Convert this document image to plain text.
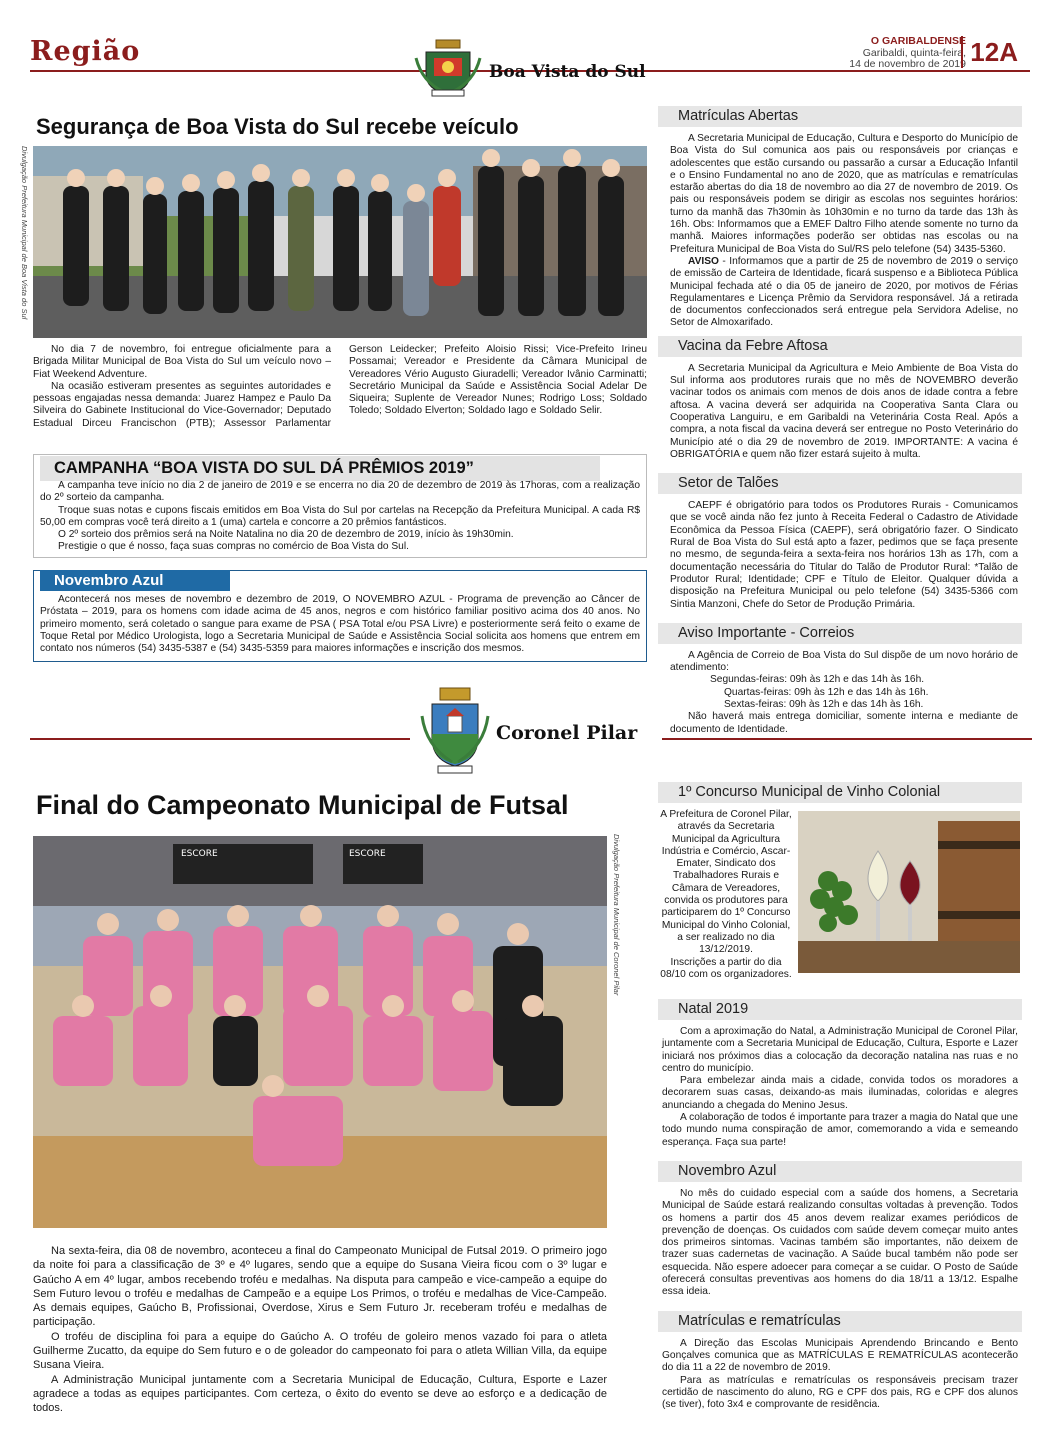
Região
Boa Vista do Sul
O GARIBALDENSE
Garibaldi, quinta-feira,
14 de novembro de 2019 12A
Segurança de Boa Vista do Sul recebe veículo
Divulgação Prefeitura Municipal de Boa Vista do Sul

No dia 7 de novembro, foi entregue oficialmente para a Brigada Militar Municipal de Boa Vista do Sul um veículo novo – Fiat Weekend Adventure.

Na ocasião estiveram presentes as seguintes autoridades e pessoas engajadas nessa demanda: Juarez Hampez e Paulo Da Silveira do Gabinete Institucional do Vice-Governador; Deputado Estadual Dirceu Francischon (PTB); Assessor Parlamentar Gerson Leidecker; Prefeito Aloisio Rissi; Vice-Prefeito Irineu Possamai; Vereador e Presidente da Câmara Municipal de Vereadores Vério Augusto Giuradelli; Vereador Ivânio Carminatti; Secretário Municipal da Saúde e Assistência Social Adelar De Siqueira; Suplente de Vereador Nunes; Rodrigo Loss; Soldado Toledo; Soldado Elverton; Soldado Iago e Soldado Selir.

CAMPANHA “BOA VISTA DO SUL DÁ PRÊMIOS 2019”

A campanha teve início no dia 2 de janeiro de 2019 e se encerra no dia 20 de dezembro de 2019 às 17horas, com a realização do 2º sorteio da campanha.

Troque suas notas e cupons fiscais emitidos em Boa Vista do Sul por cartelas na Recepção da Prefeitura Municipal. A cada R$ 50,00 em compras você terá direito a 1 (uma) cartela e concorre a 20 prêmios fantásticos.

O 2º sorteio dos prêmios será na Noite Natalina no dia 20 de dezembro de 2019, início às 19h30min.

Prestigie o que é nosso, faça suas compras no comércio de Boa Vista do Sul.

Novembro Azul

Acontecerá nos meses de novembro e dezembro de 2019, O NOVEMBRO AZUL - Programa de prevenção ao Câncer de Próstata – 2019, para os homens com idade acima de 45 anos, negros e com histórico familiar positivo acima dos 40 anos. No primeiro momento, será coletado o sangue para exame de PSA ( PSA Total e/ou PSA Livre) e posteriormente será feito o exame de Toque Retal por Médico Urologista, logo a Secretaria Municipal de Saúde e Assistência Social solicita aos homens que entrem em contato nos números (54) 3435-5387 e (54) 3435-5359 para maiores informações e inscrição dos mesmos.

Matrículas Abertas

A Secretaria Municipal de Educação, Cultura e Desporto do Município de Boa Vista do Sul comunica aos pais ou responsáveis por crianças e adolescentes que estão cursando ou passarão a cursar a Educação Infantil e o Ensino Fundamental no ano de 2020, que as matrículas e rematrículas estarão abertas do dia 18 de novembro ao dia 27 de novembro de 2019. Os pais ou responsáveis podem se dirigir as escolas nos seguintes horários: turno da manhã das 7h30min às 10h30min e no turno da tarde das 13h às 16h. Obs: Informamos que a EMEF Daltro Filho atende somente no turno da manhã. Maiores informações poderão ser obtidas nas escolas ou na Prefeitura Municipal de Boa Vista do Sul/RS pelo telefone (54) 3435-5360.

AVISO - Informamos que a partir de 25 de novembro de 2019 o serviço de emissão de Carteira de Identidade, ficará suspenso e a Biblioteca Pública Municipal fechada até o dia 05 de janeiro de 2020, por motivos de Férias Regulamentares e Licença Prêmio da Servidora responsável. Já a retirada de documentos confeccionados será entregue pela Servidora Adelise, no Setor de Almoxarifado.

Vacina da Febre Aftosa

A Secretaria Municipal da Agricultura e Meio Ambiente de Boa Vista do Sul informa aos produtores rurais que no mês de NOVEMBRO deverão vacinar todos os animais com menos de dois anos de idade contra a febre aftosa. A vacina deverá ser adquirida na Cooperativa Santa Clara ou Cooperativa Languiru, e em Garibaldi na Veterinária Costa Real. Após a compra, a nota fiscal da vacina deverá ser entregue no Posto Veterinário do Município até o dia 29 de novembro de 2019. IMPORTANTE: A vacina é OBRIGATÓRIA e quem não fizer estará sujeito à multa.

Setor de Talões

CAEPF é obrigatório para todos os Produtores Rurais - Comunicamos que se você ainda não fez junto à Receita Federal o Cadastro de Atividade Econômica da Pessoa Física (CAEPF), será obrigatório fazer. O Sindicato Rural de Boa Vista do Sul está apto a fazer, pedimos que se faça presente no mesmo, de segunda-feira a sexta-feira nos horários 13h as 17h, com a documentação necessária do Titular do Talão de Produtor Rural: *Talão de Produtor Rural; Identidade; CPF e Título de Eleitor. Qualquer dúvida a disposição na Prefeitura Municipal ou pelo telefone (54) 3435-5366 com Sintia Manzoni, Chefe do Setor de Produção Primária.

Aviso Importante - Correios

A Agência de Correio de Boa Vista do Sul dispõe de um novo horário de atendimento:

Segundas-feiras: 09h às 12h e das 14h às 16h.

Quartas-feiras: 09h às 12h e das 14h às 16h.

Sextas-feiras: 09h às 12h e das 14h às 16h.

Não haverá mais entrega domiciliar, somente interna e mediante de documento de Identidade.

Coronel Pilar
Final do Campeonato Municipal de Futsal
Divulgação Prefeitura Municipal de Coronel Pilar
ESCORE	ESCORE

Na sexta-feira, dia 08 de novembro, aconteceu a final do Campeonato Municipal de Futsal 2019. O primeiro jogo da noite foi para a classificação de 3º e 4º lugares, sendo que a equipe do Susana Vieira ficou com o 3º lugar e Gaúcho A em 4º lugar, ambos recebendo troféu e medalhas. Na disputa para campeão e vice-campeão a equipe do Sem Futuro levou o troféu e medalhas de Campeão e a equipe Los Primos, o troféu e medalhas de Vice-Campeão. As demais equipes, Gaúcho B, Profissionai, Overdose, Xirus e Sem Futuro Jr. receberam troféu e medalhas de participação.

O troféu de disciplina foi para a equipe do Gaúcho A. O troféu de goleiro menos vazado foi para o atleta Guilherme Zucatto, da equipe do Sem futuro e o de goleador do campeonato foi para o atleta Willian Villa, da equipe Susana Vieira.

A Administração Municipal juntamente com a Secretaria Municipal de Educação, Cultura, Esporte e Lazer agradece a todas as equipes participantes. Com certeza, o êxito do evento se deve ao esforço e a dedicação de todos.

1º Concurso Municipal de Vinho Colonial

A Prefeitura de Coronel Pilar, através da Secretaria Municipal da Agricultura Indústria e Comércio, Ascar-Emater, Sindicato dos Trabalhadores Rurais e Câmara de Vereadores, convida os produtores para participarem do 1º Concurso Municipal do Vinho Colonial, a ser realizado no dia 13/12/2019.

Inscrições a partir do dia 08/10 com os organizadores.

Natal 2019

Com a aproximação do Natal, a Administração Municipal de Coronel Pilar, juntamente com a Secretaria Municipal de Educação, Cultura, Esporte e Lazer iniciará nos próximos dias a colocação da decoração natalina nas ruas e no centro do município.

Para embelezar ainda mais a cidade, convida todos os moradores a decorarem suas casas, deixando-as mais iluminadas, coloridas e alegres anunciando a chegada do Menino Jesus.

A colaboração de todos é importante para trazer a magia do Natal que une todo mundo numa conspiração de amor, comemorando a vida e semeando esperança. Faça sua parte!

Novembro Azul

No mês do cuidado especial com a saúde dos homens, a Secretaria Municipal de Saúde estará realizando consultas voltadas à prevenção. Todos os homens a partir dos 45 anos devem realizar exames periódicos de prevenção de doenças. Os cuidados com saúde devem começar muito antes dos primeiros sintomas. Vacinas também são importantes, não deixem de trazer suas cadernetas de vacinação. A Saúde bucal também não pode ser esquecida. Não espere adoecer para começar a se cuidar. O Posto de Saúde oferecerá consultas preventivas aos homens do dia 18/11 a 13/12. Espalhe essa ideia.

Matrículas e rematrículas

A Direção das Escolas Municipais Aprendendo Brincando e Bento Gonçalves comunica que as MATRÍCULAS E REMATRÍCULAS acontecerão do dia 11 a 22 de novembro de 2019.

Para as matrículas e rematrículas os responsáveis precisam trazer certidão de nascimento do aluno, RG e CPF dos pais, RG e CPF dos alunos (se tiver), foto 3x4 e comprovante de residência.
